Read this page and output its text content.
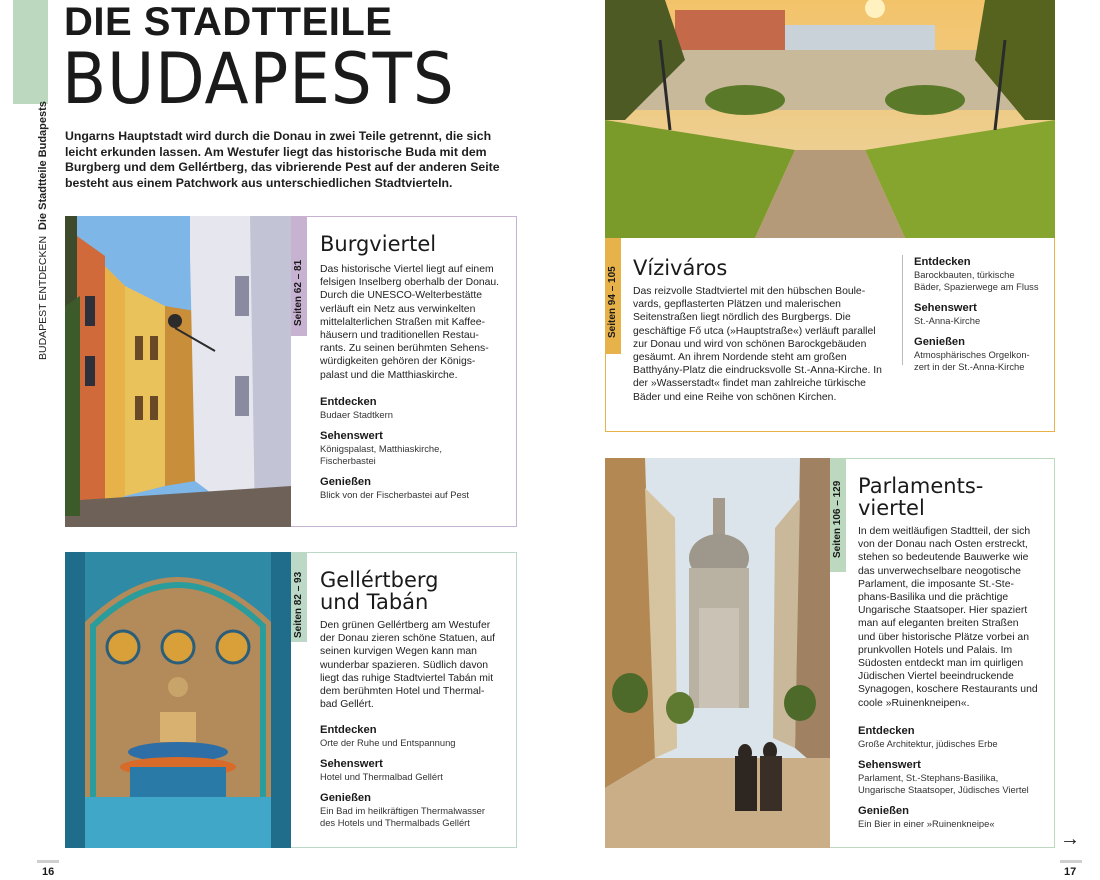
BUDAPEST ENTDECKEN  Die Stadtteile Budapests
DIE STADTTEILE
BUDAPESTS
Ungarns Hauptstadt wird durch die Donau in zwei Teile getrennt, die sich leicht erkunden lassen. Am Westufer liegt das historische Buda mit dem Burgberg und dem Gellértberg, das vibrierende Pest auf der anderen Seite besteht aus einem Patchwork aus unterschiedlichen Stadtvierteln.
Seiten 62 – 81
Burgviertel
Das historische Viertel liegt auf einem
felsigen Inselberg oberhalb der Donau.
Durch die UNESCO-Welterbestätte
verläuft ein Netz aus verwinkelten
mittelalterlichen Straßen mit Kaffee-
häusern und traditionellen Restau-
rants. Zu seinen berühmten Sehens-
würdigkeiten gehören der Königs-
palast und die Matthiaskirche.
Entdecken
Budaer Stadtkern
Sehenswert
Königspalast, Matthiaskirche,
Fischerbastei
Genießen
Blick von der Fischerbastei auf Pest
Seiten 82 – 93 Gellértberg
und Tabán
Den grünen Gellértberg am Westufer
der Donau zieren schöne Statuen, auf
seinen kurvigen Wegen kann man
wunderbar spazieren. Südlich davon
liegt das ruhige Stadtviertel Tabán mit
dem berühmten Hotel und Thermal-
bad Gellért.
Entdecken
Orte der Ruhe und Entspannung
Sehenswert
Hotel und Thermalbad Gellért
Genießen
Ein Bad im heilkräftigen Thermalwasser
des Hotels und Thermalbads Gellért
Seiten 94 – 105 Víziváros
Das reizvolle Stadtviertel mit den hübschen Boule-
vards, gepflasterten Plätzen und malerischen
Seitenstraßen liegt nördlich des Burgbergs. Die
geschäftige Fő utca (»Hauptstraße«) verläuft parallel
zur Donau und wird von schönen Barockgebäuden
gesäumt. An ihrem Nordende steht am großen
Batthyány-Platz die eindrucksvolle St.-Anna-Kirche. In
der »Wasserstadt« findet man zahlreiche türkische
Bäder und eine Reihe von schönen Kirchen.
Entdecken
Barockbauten, türkische
Bäder, Spazierwege am Fluss
Sehenswert
St.-Anna-Kirche
Genießen
Atmosphärisches Orgelkon-
zert in der St.-Anna-Kirche
Seiten 106 – 129 Parlaments-
viertel
In dem weitläufigen Stadtteil, der sich
von der Donau nach Osten erstreckt,
stehen so bedeutende Bauwerke wie
das unverwechselbare neogotische
Parlament, die imposante St.-Ste-
phans-Basilika und die prächtige
Ungarische Staatsoper. Hier spaziert
man auf eleganten breiten Straßen
und über historische Plätze vorbei an
prunkvollen Hotels und Palais. Im
Südosten entdeckt man im quirligen
Jüdischen Viertel beeindruckende
Synagogen, koschere Restaurants und
coole »Ruinenkneipen«.
Entdecken
Große Architektur, jüdisches Erbe
Sehenswert
Parlament, St.-Stephans-Basilika,
Ungarische Staatsoper, Jüdisches Viertel
Genießen
Ein Bier in einer »Ruinenkneipe«
16
→
17
